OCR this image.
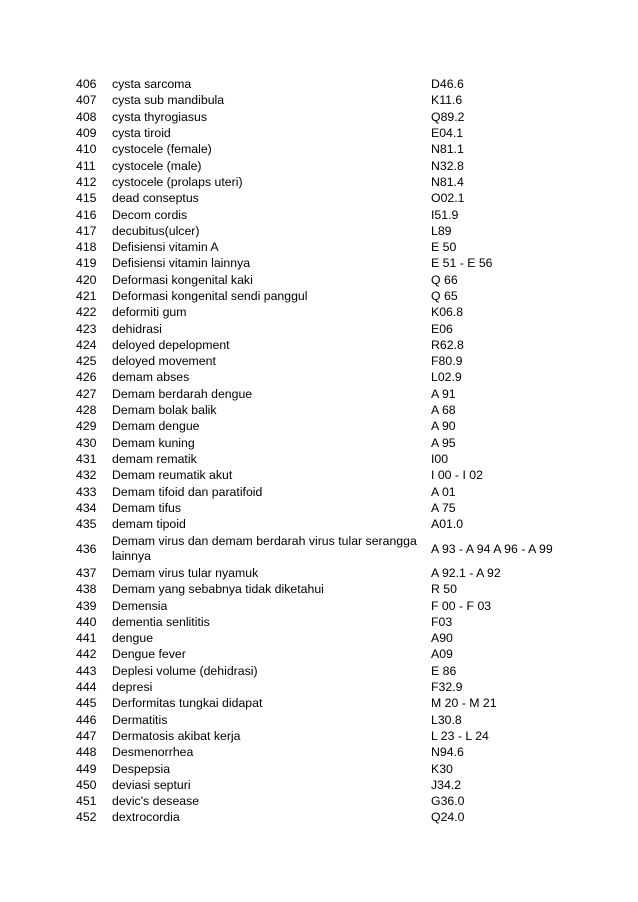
406	cysta sarcoma	D46.6
407	cysta sub mandibula	K11.6
408	cysta thyrogiasus	Q89.2
409	cysta tiroid	E04.1
410	cystocele (female)	N81.1
411	cystocele (male)	N32.8
412	cystocele (prolaps uteri)	N81.4
415	dead conseptus	O02.1
416	Decom cordis	I51.9
417	decubitus(ulcer)	L89
418	Defisiensi vitamin A	E 50
419	Defisiensi vitamin lainnya	E 51 - E 56
420	Deformasi kongenital kaki	Q 66
421	Deformasi kongenital sendi panggul	Q 65
422	deformiti gum	K06.8
423	dehidrasi	E06
424	deloyed depelopment	R62.8
425	deloyed movement	F80.9
426	demam abses	L02.9
427	Demam berdarah dengue	A 91
428	Demam bolak balik	A 68
429	Demam dengue	A 90
430	Demam kuning	A 95
431	demam rematik	I00
432	Demam reumatik akut	I 00 - I 02
433	Demam tifoid dan paratifoid	A 01
434	Demam tifus	A 75
435	demam tipoid	A01.0
436	Demam virus dan demam berdarah virus tular serangga lainnya	A 93 - A 94 A 96 - A 99
437	Demam virus tular nyamuk	A 92.1 - A 92
438	Demam yang sebabnya tidak diketahui	R 50
439	Demensia	F 00 - F 03
440	dementia senlititis	F03
441	dengue	A90
442	Dengue fever	A09
443	Deplesi volume (dehidrasi)	E 86
444	depresi	F32.9
445	Derformitas tungkai didapat	M 20 - M 21
446	Dermatitis	L30.8
447	Dermatosis akibat kerja	L 23 - L 24
448	Desmenorrhea	N94.6
449	Despepsia	K30
450	deviasi septuri	J34.2
451	devic's desease	G36.0
452	dextrocordia	Q24.0
